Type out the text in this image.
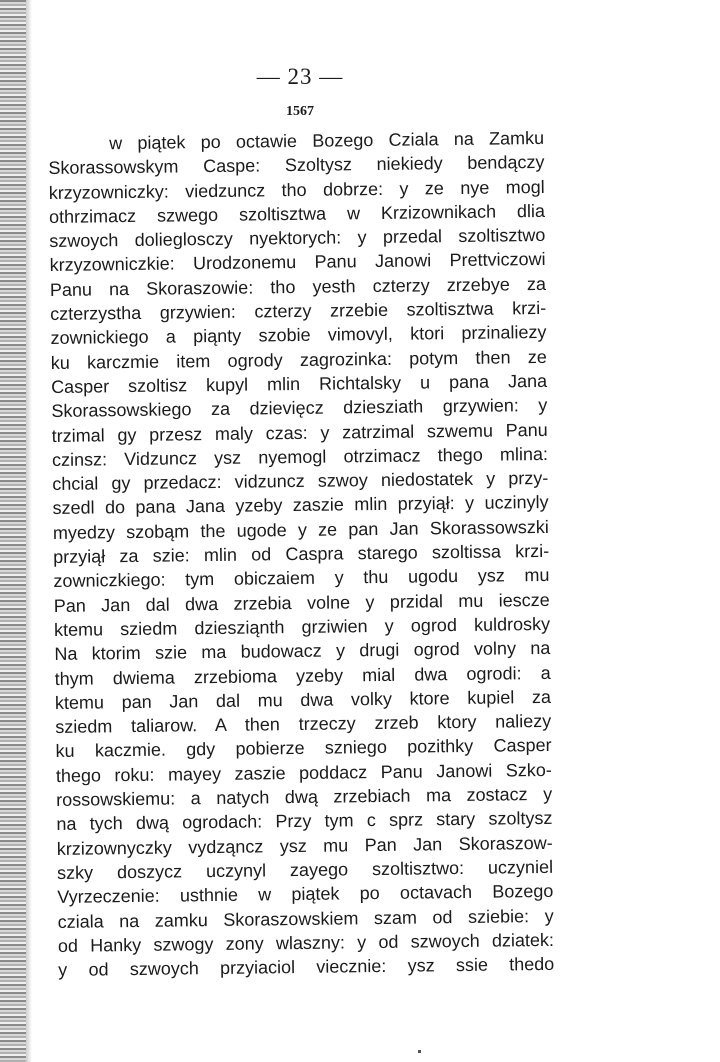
— 23 —
1567
w piątek po octawie Bozego Cziala na Zamku
Skorassowskym Caspe: Szoltysz niekiedy bendączy
krzyzowniczky: viedzuncz tho dobrze: y ze nye mogl
othrzimacz szwego szoltisztwa w Krzizownikach dlia
szwoych dolieglosczy nyektorych: y przedal szoltisztwo
krzyzowniczkie: Urodzonemu Panu Janowi Prettviczowi
Panu na Skoraszowie: tho yesth czterzy zrzebye za
czterzystha grzywien: czterzy zrzebie szoltisztwa krzi-
zownickiego a piąnty szobie vimovyl, ktori przinaliezy
ku karczmie item ogrody zagrozinka: potym then ze
Casper szoltisz kupyl mlin Richtalsky u pana Jana
Skorassowskiego za dzievięcz dziesziath grzywien: y
trzimal gy przesz maly czas: y zatrzimal szwemu Panu
czinsz: Vidzuncz ysz nyemogl otrzimacz thego mlina:
chcial gy przedacz: vidzuncz szwoy niedostatek y przy-
szedl do pana Jana yzeby zaszie mlin przyiął: y uczinyly
myedzy szobąm the ugode y ze pan Jan Skorassowszki
przyiął za szie: mlin od Caspra starego szoltissa krzi-
zowniczkiego: tym obiczaiem y thu ugodu ysz mu
Pan Jan dal dwa zrzebia volne y przidal mu iescze
ktemu sziedm dziesziąnth grziwien y ogrod kuldrosky
Na ktorim szie ma budowacz y drugi ogrod volny na
thym dwiema zrzebioma yzeby mial dwa ogrodi: a
ktemu pan Jan dal mu dwa volky ktore kupiel za
sziedm taliarow. A then trzeczy zrzeb ktory naliezy
ku kaczmie. gdy pobierze szniego pozithky Casper
thego roku: mayey zaszie poddacz Panu Janowi Szko-
rossowskiemu: a natych dwą zrzebiach ma zostacz y
na tych dwą ogrodach: Przy tym c sprz stary szoltysz
krzizownyczky vydząncz ysz mu Pan Jan Skoraszow-
szky doszycz uczynyl zayego szoltisztwo: uczyniel
Vyrzeczenie: usthnie w piątek po octavach Bozego
cziala na zamku Skoraszowskiem szam od sziebie: y
od Hanky szwogy zony wlaszny: y od szwoych dziatek:
y od szwoych przyiaciol viecznie: ysz ssie thedo
